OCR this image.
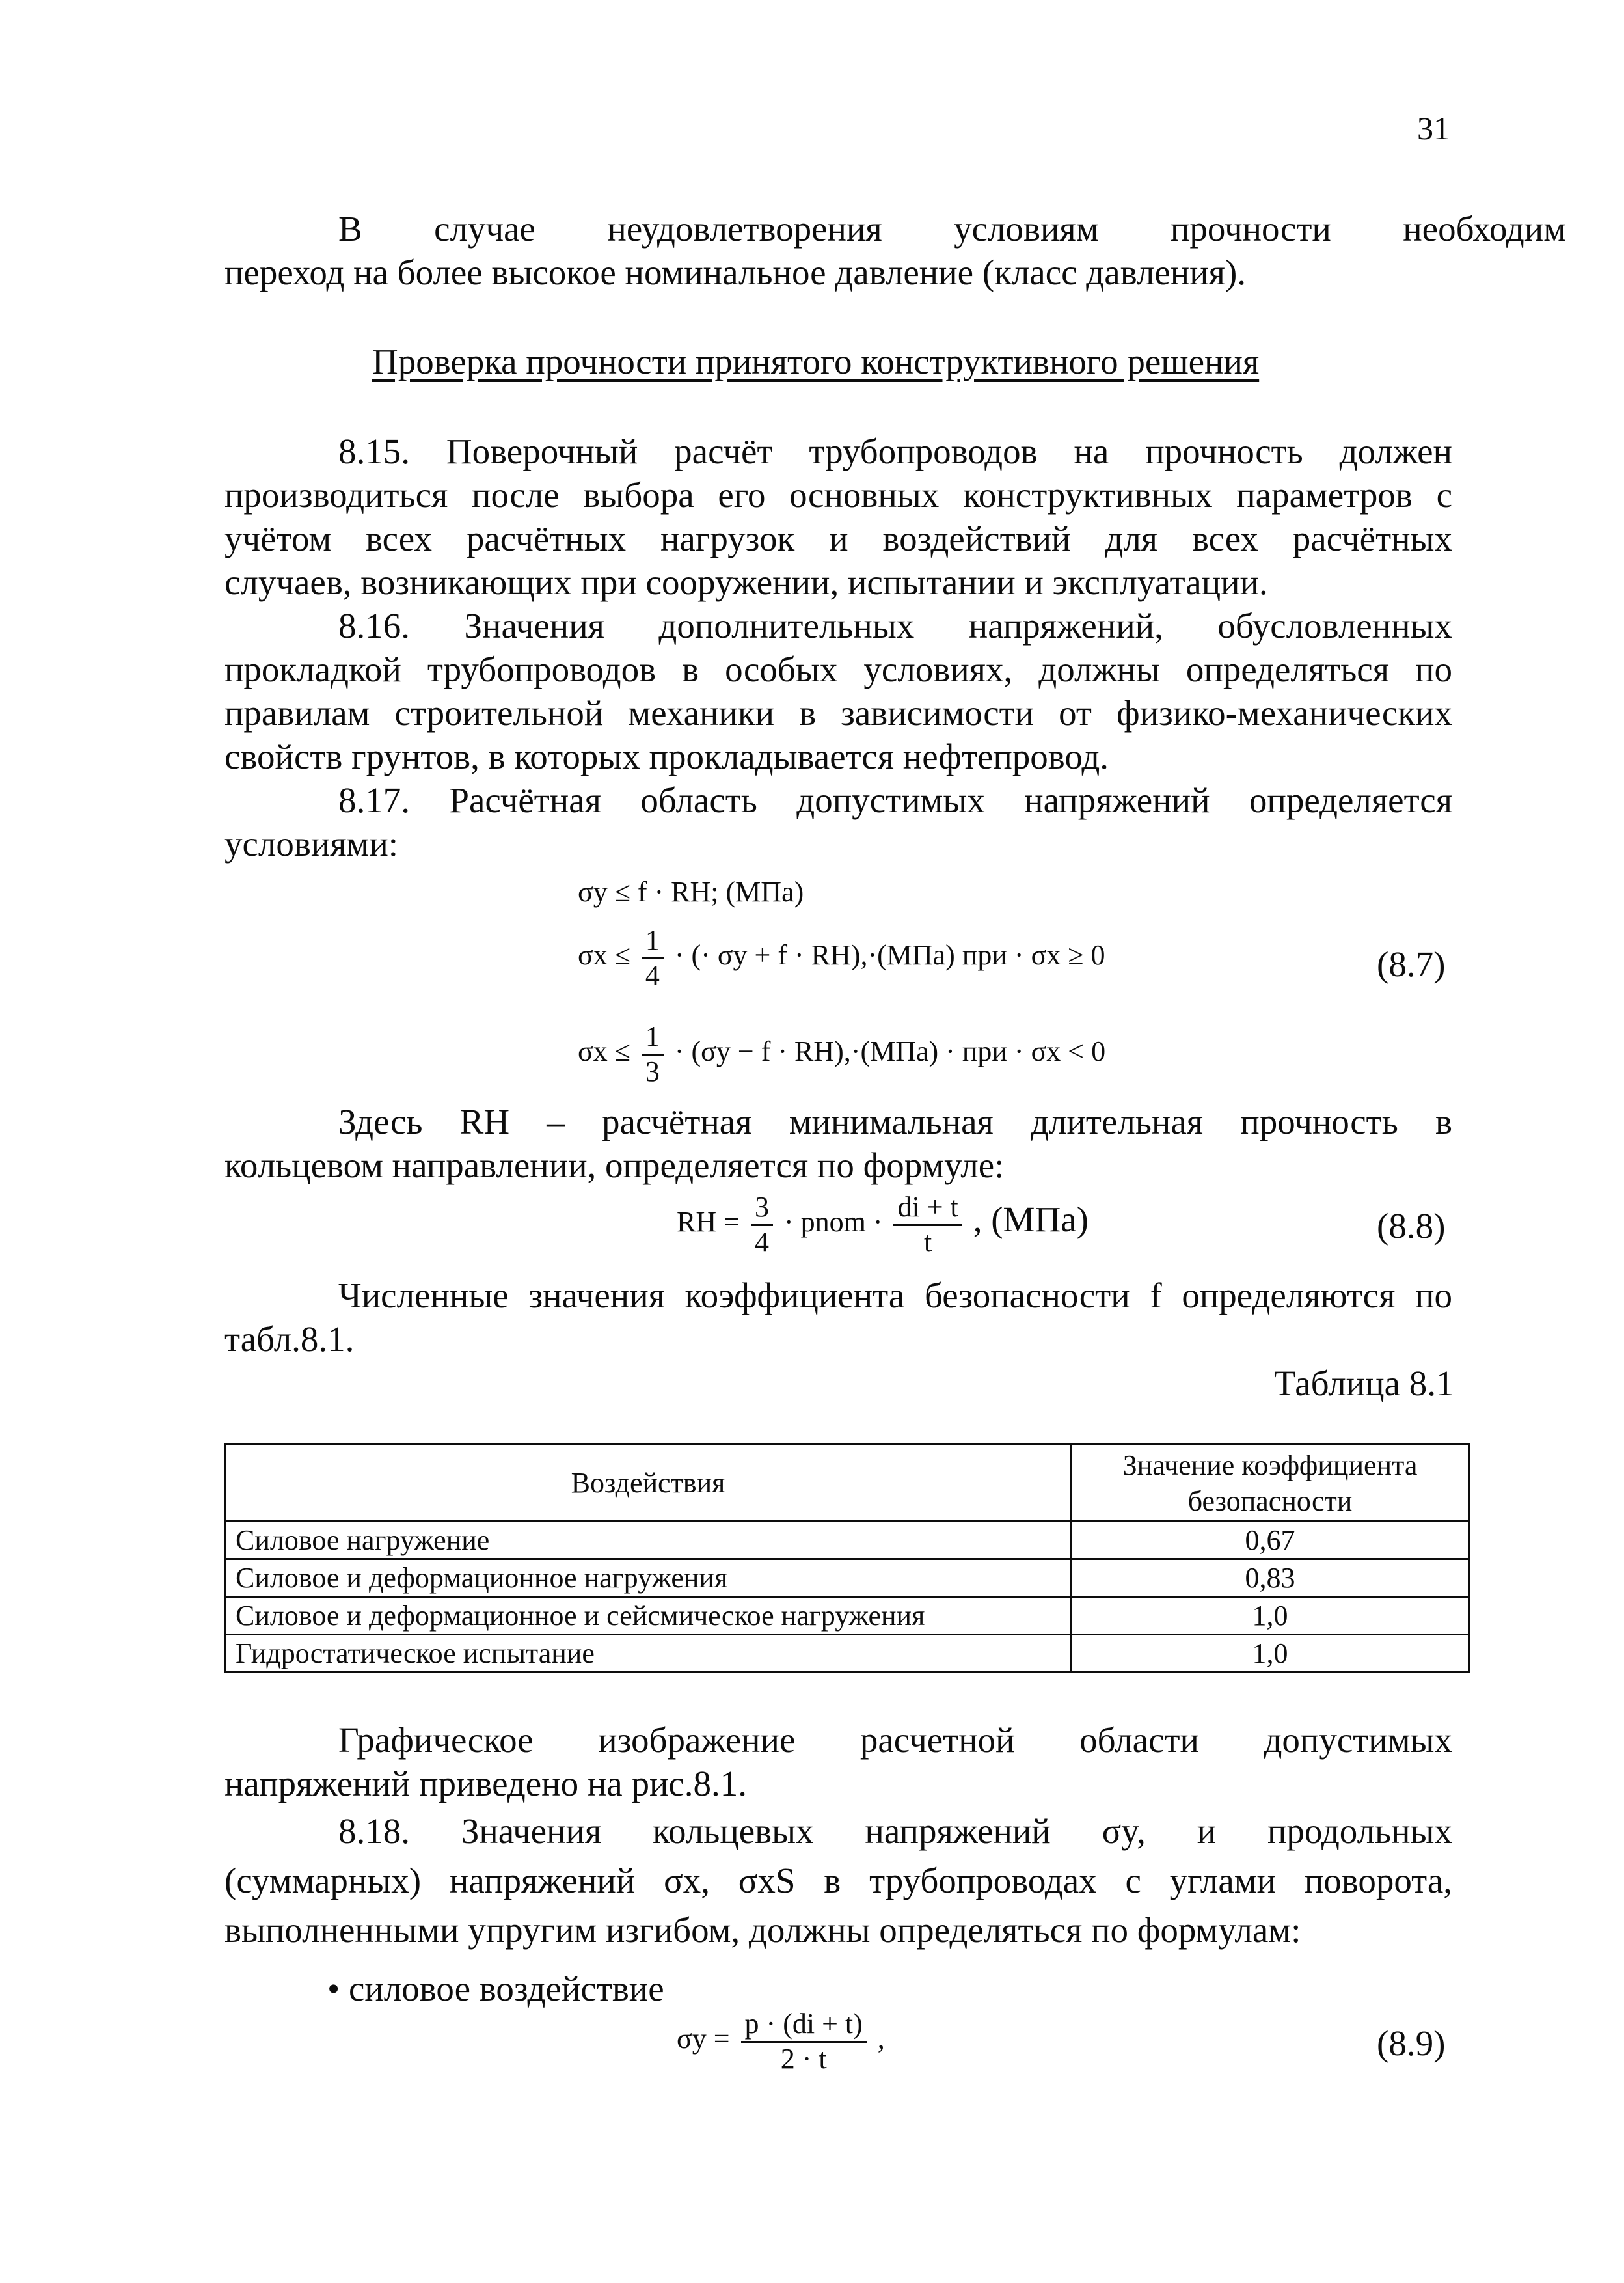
31

В случае неудовлетворения условиям прочности необходим
переход на более высокое номинальное давление (класс давления).

Проверка прочности принятого конструктивного решения

8.15. Поверочный расчёт трубопроводов на прочность должен
производиться после выбора его основных конструктивных параметров с
учётом всех расчётных нагрузок и воздействий для всех расчётных
случаев, возникающих при сооружении, испытании и эксплуатации.

8.16. Значения дополнительных напряжений, обусловленных
прокладкой трубопроводов в особых условиях, должны определяться по
правилам строительной механики в зависимости от физико-механических
свойств грунтов, в которых прокладывается нефтепровод.

8.17. Расчётная область допустимых напряжений определяется
условиями:

σy ≤ f · RН; (МПа)
$\sigma x \le \frac{1}{4}$ · (· σy + f · RН),·(МПа) при · σx ≥ 0	(8.7)
$\sigma x \le \frac{1}{3} \cdot (\sigma y - f \cdot RН),\cdot(МПа)$ · при · σx < 0

Здесь RН – расчётная минимальная длительная прочность в
кольцевом направлении, определяется по формуле:

RН = $\frac{3}{4}$ · pnom · $\frac{di + t}{t}$ , (МПа)	(8.8)

Численные значения коэффициента безопасности f определяются по
табл.8.1.

Таблица 8.1
Воздействия	Значение коэффициента безопасности
Силовое нагружение	0,67
Силовое и деформационное нагружения	0,83
Силовое и деформационное и сейсмическое нагружения	1,0
Гидростатическое испытание	1,0

Графическое изображение расчетной области допустимых
напряжений приведено на рис.8.1.

8.18. Значения кольцевых напряжений σy, и продольных
(суммарных) напряжений σx, σxS в трубопроводах с углами поворота,
выполненными упругим изгибом, должны определяться по формулам:

• силовое воздействие
$\sigma y = \frac{p \cdot (di + t)}{2 \cdot t}$ ,	(8.9)
